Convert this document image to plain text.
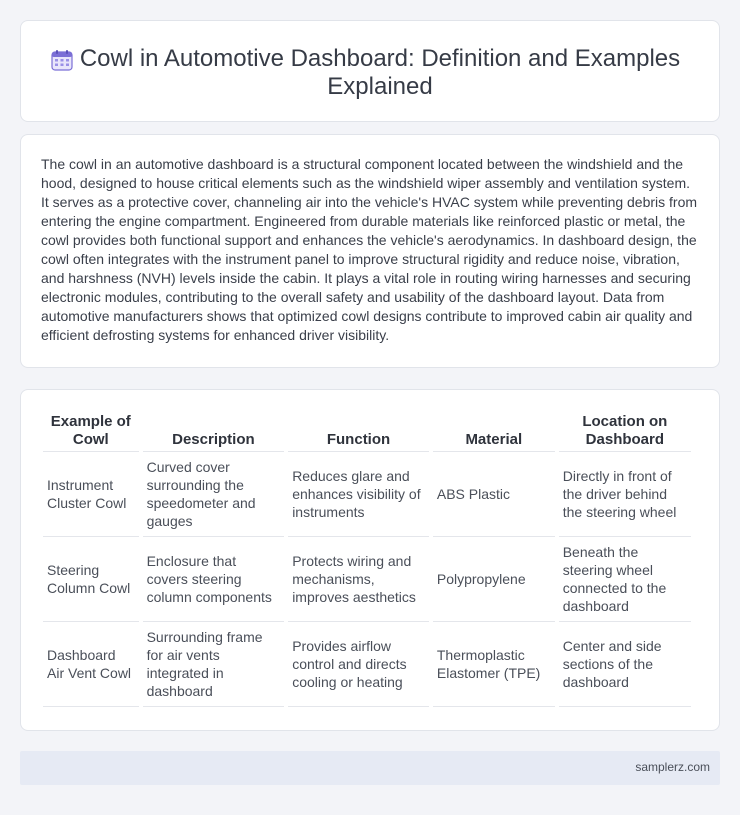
Cowl in Automotive Dashboard: Definition and Examples Explained

The cowl in an automotive dashboard is a structural component located between the windshield and the hood, designed to house critical elements such as the windshield wiper assembly and ventilation system. It serves as a protective cover, channeling air into the vehicle's HVAC system while preventing debris from entering the engine compartment. Engineered from durable materials like reinforced plastic or metal, the cowl provides both functional support and enhances the vehicle's aerodynamics. In dashboard design, the cowl often integrates with the instrument panel to improve structural rigidity and reduce noise, vibration, and harshness (NVH) levels inside the cabin. It plays a vital role in routing wiring harnesses and securing electronic modules, contributing to the overall safety and usability of the dashboard layout. Data from automotive manufacturers shows that optimized cowl designs contribute to improved cabin air quality and efficient defrosting systems for enhanced driver visibility.

Example of Cowl	Description	Function	Material	Location on Dashboard
Instrument Cluster Cowl	Curved cover surrounding the speedometer and gauges	Reduces glare and enhances visibility of instruments	ABS Plastic	Directly in front of the driver behind the steering wheel
Steering Column Cowl	Enclosure that covers steering column components	Protects wiring and mechanisms, improves aesthetics	Polypropylene	Beneath the steering wheel connected to the dashboard
Dashboard Air Vent Cowl	Surrounding frame for air vents integrated in dashboard	Provides airflow control and directs cooling or heating	Thermoplastic Elastomer (TPE)	Center and side sections of the dashboard
samplerz.com
